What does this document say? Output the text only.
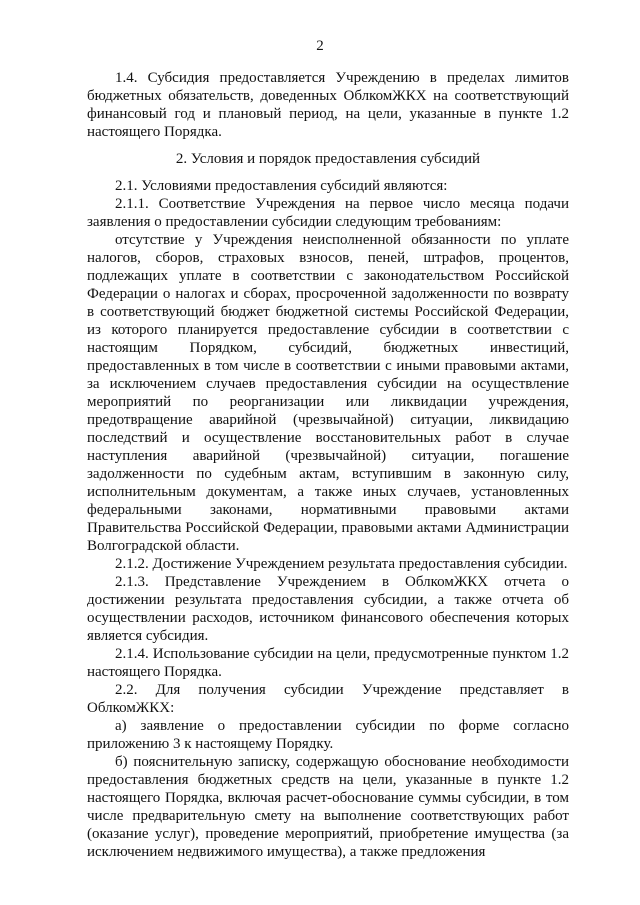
2

1.4. Субсидия предоставляется Учреждению в пределах лимитов бюджетных обязательств, доведенных ОблкомЖКХ на соответствующий финансовый год и плановый период, на цели, указанные в пункте 1.2 настоящего Порядка.

2. Условия и порядок предоставления субсидий

2.1. Условиями предоставления субсидий являются:

2.1.1. Соответствие Учреждения на первое число месяца подачи заявления о предоставлении субсидии следующим требованиям:

отсутствие у Учреждения неисполненной обязанности по уплате налогов, сборов, страховых взносов, пеней, штрафов, процентов, подлежащих уплате в соответствии с законодательством Российской Федерации о налогах и сборах, просроченной задолженности по возврату в соответствующий бюджет бюджетной системы Российской Федерации, из которого планируется предоставление субсидии в соответствии с настоящим Порядком, субсидий, бюджетных инвестиций, предоставленных в том числе в соответствии с иными правовыми актами, за исключением случаев предоставления субсидии на осуществление мероприятий по реорганизации или ликвидации учреждения, предотвращение аварийной (чрезвычайной) ситуации, ликвидацию последствий и осуществление восстановительных работ в случае наступления аварийной (чрезвычайной) ситуации, погашение задолженности по судебным актам, вступившим в законную силу, исполнительным документам, а также иных случаев, установленных федеральными законами, нормативными правовыми актами Правительства Российской Федерации, правовыми актами Администрации Волгоградской области.

2.1.2. Достижение Учреждением результата предоставления субсидии.

2.1.3. Представление Учреждением в ОблкомЖКХ отчета о достижении результата предоставления субсидии, а также отчета об осуществлении расходов, источником финансового обеспечения которых является субсидия.

2.1.4. Использование субсидии на цели, предусмотренные пунктом 1.2 настоящего Порядка.

2.2. Для получения субсидии Учреждение представляет в ОблкомЖКХ:

а) заявление о предоставлении субсидии по форме согласно приложению 3 к настоящему Порядку.

б) пояснительную записку, содержащую обоснование необходимости предоставления бюджетных средств на цели, указанные в пункте 1.2 настоящего Порядка, включая расчет-обоснование суммы субсидии, в том числе предварительную смету на выполнение соответствующих работ (оказание услуг), проведение мероприятий, приобретение имущества (за исключением недвижимого имущества), а также предложения
